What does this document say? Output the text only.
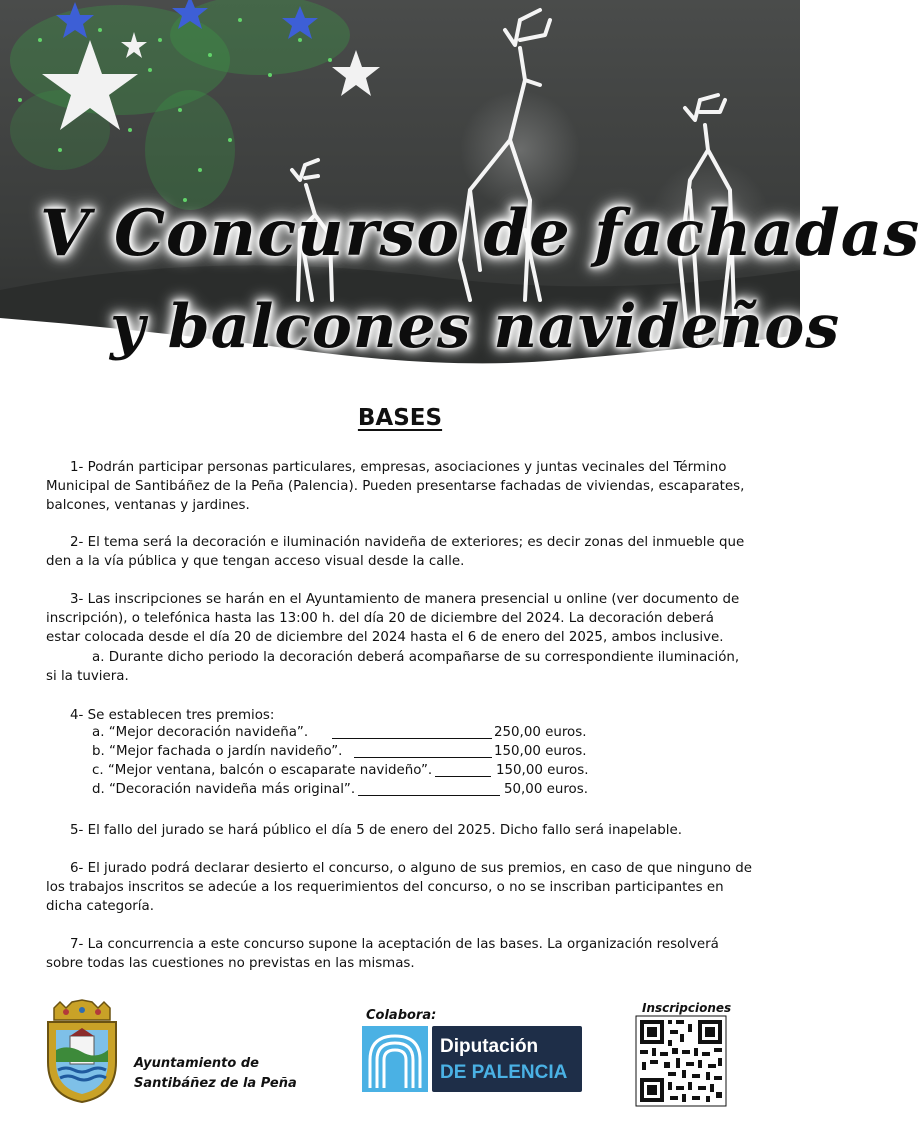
V Concurso de fachadas
y balcones navideños
BASES

1- Podrán participar personas particulares, empresas, asociaciones y juntas vecinales del Término Municipal de Santibáñez de la Peña (Palencia). Pueden presentarse fachadas de viviendas, escaparates, balcones, ventanas y jardines.

2- El tema será la decoración e iluminación navideña de exteriores; es decir zonas del inmueble que den a la vía pública y que tengan acceso visual desde la calle.

3- Las inscripciones se harán en el Ayuntamiento de manera presencial u online (ver documento de inscripción), o telefónica hasta las 13:00 h. del día 20 de diciembre del 2024. La decoración deberá estar colocada desde el día 20 de diciembre del 2024 hasta el 6 de enero del 2025, ambos inclusive.
a. Durante dicho periodo la decoración deberá acompañarse de su correspondiente iluminación, si la tuviera.

4- Se establecen tres premios:

a. “Mejor decoración navideña”.	250,00 euros.
b. “Mejor fachada o jardín navideño”.	150,00 euros.
c. “Mejor ventana, balcón o escaparate navideño”.	150,00 euros.
d. “Decoración navideña más original”.	50,00 euros.

5- El fallo del jurado se hará público el día 5 de enero del 2025. Dicho fallo será inapelable.

6- El jurado podrá declarar desierto el concurso, o alguno de sus premios, en caso de que ninguno de los trabajos inscritos se adecúe a los requerimientos del concurso, o no se inscriban participantes en dicha categoría.

7- La concurrencia a este concurso supone la aceptación de las bases. La organización resolverá sobre todas las cuestiones no previstas en las mismas.

Ayuntamiento de
Santibáñez de la Peña
Colabora:
Diputación
DE PALENCIA
Inscripciones
